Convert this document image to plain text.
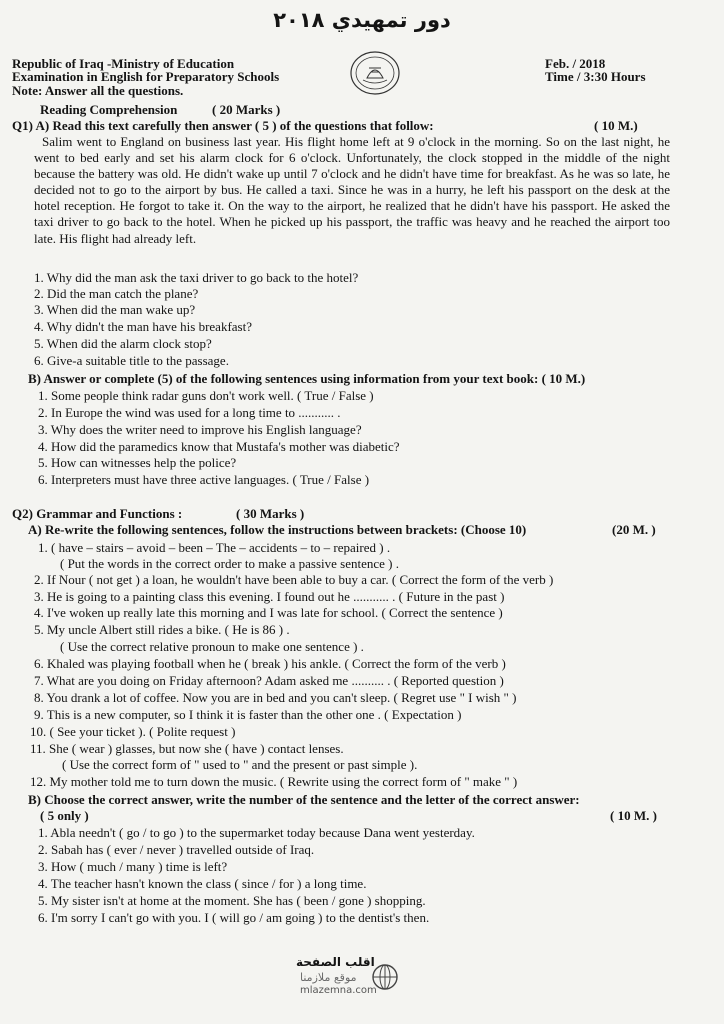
دور تمهيدي ٢٠١٨
Republic of Iraq -Ministry of Education
Examination in English for Preparatory Schools
Note: Answer all the questions.
Feb. / 2018
Time / 3:30 Hours
Reading Comprehension	( 20 Marks )
Q1) A) Read this text carefully then answer ( 5 ) of the questions that follow:	( 10 M.)
Salim went to England on business last year. His flight home left at 9 o'clock in the morning. So on the last night, he went to bed early and set his alarm clock for 6 o'clock. Unfortunately, the clock stopped in the middle of the night because the battery was old. He didn't wake up until 7 o'clock and he didn't have time for breakfast. As he was so late, he decided not to go to the airport by bus. He called a taxi. Since he was in a hurry, he left his passport on the desk at the hotel reception. He forgot to take it. On the way to the airport, he realized that he didn't have his passport. He asked the taxi driver to go back to the hotel. When he picked up his passport, the traffic was heavy and he reached the airport too late. His flight had already left.
1. Why did the man ask the taxi driver to go back to the hotel?
2. Did the man catch the plane?
3. When did the man wake up?
4. Why didn't the man have his breakfast?
5. When did the alarm clock stop?
6. Give-a suitable title to the passage.
B) Answer or complete (5) of the following sentences using information from your text book: ( 10 M.)
1. Some people think radar guns don't work well. ( True / False )
2. In Europe the wind was used for a long time to ........... .
3. Why does the writer need to improve his English language?
4. How did the paramedics know that Mustafa's mother was diabetic?
5. How can witnesses help the police?
6. Interpreters must have three active languages. ( True / False )
Q2) Grammar and Functions :	( 30 Marks )
A) Re-write the following sentences, follow the instructions between brackets: (Choose 10)	(20 M. )
1. ( have – stairs – avoid – been – The – accidents – to – repaired ) .
( Put the words in the correct order to make a passive sentence ) .
2. If Nour ( not get ) a loan, he wouldn't have been able to buy a car. ( Correct the form of the verb )
3. He is going to a painting class this evening. I found out he ........... . ( Future in the past )
4. I've woken up really late this morning and I was late for school. ( Correct the sentence )
5. My uncle Albert still rides a bike. ( He is 86 ) .
( Use the correct relative pronoun to make one sentence ) .
6. Khaled was playing football when he ( break ) his ankle. ( Correct the form of the verb )
7. What are you doing on Friday afternoon? Adam asked me .......... . ( Reported question )
8. You drank a lot of coffee. Now you are in bed and you can't sleep. ( Regret use " I wish " )
9. This is a new computer, so I think it is faster than the other one . ( Expectation )
10. ( See your ticket ). ( Polite request )
11. She ( wear ) glasses, but now she ( have ) contact lenses.
( Use the correct form of " used to " and the present or past simple ).
12. My mother told me to turn down the music. ( Rewrite using the correct form of " make " )
B) Choose the correct answer, write the number of the sentence and the letter of the correct answer:
( 5 only )	( 10 M. )
1. Abla needn't ( go / to go ) to the supermarket today because Dana went yesterday.
2. Sabah has ( ever / never ) travelled outside of Iraq.
3. How ( much / many ) time is left?
4. The teacher hasn't known the class ( since / for ) a long time.
5. My sister isn't at home at the moment. She has ( been / gone ) shopping.
6. I'm sorry I can't go with you. I ( will go / am going ) to the dentist's then.
اقلب الصفحة
موقع ملازمنا
mlazemna.com
